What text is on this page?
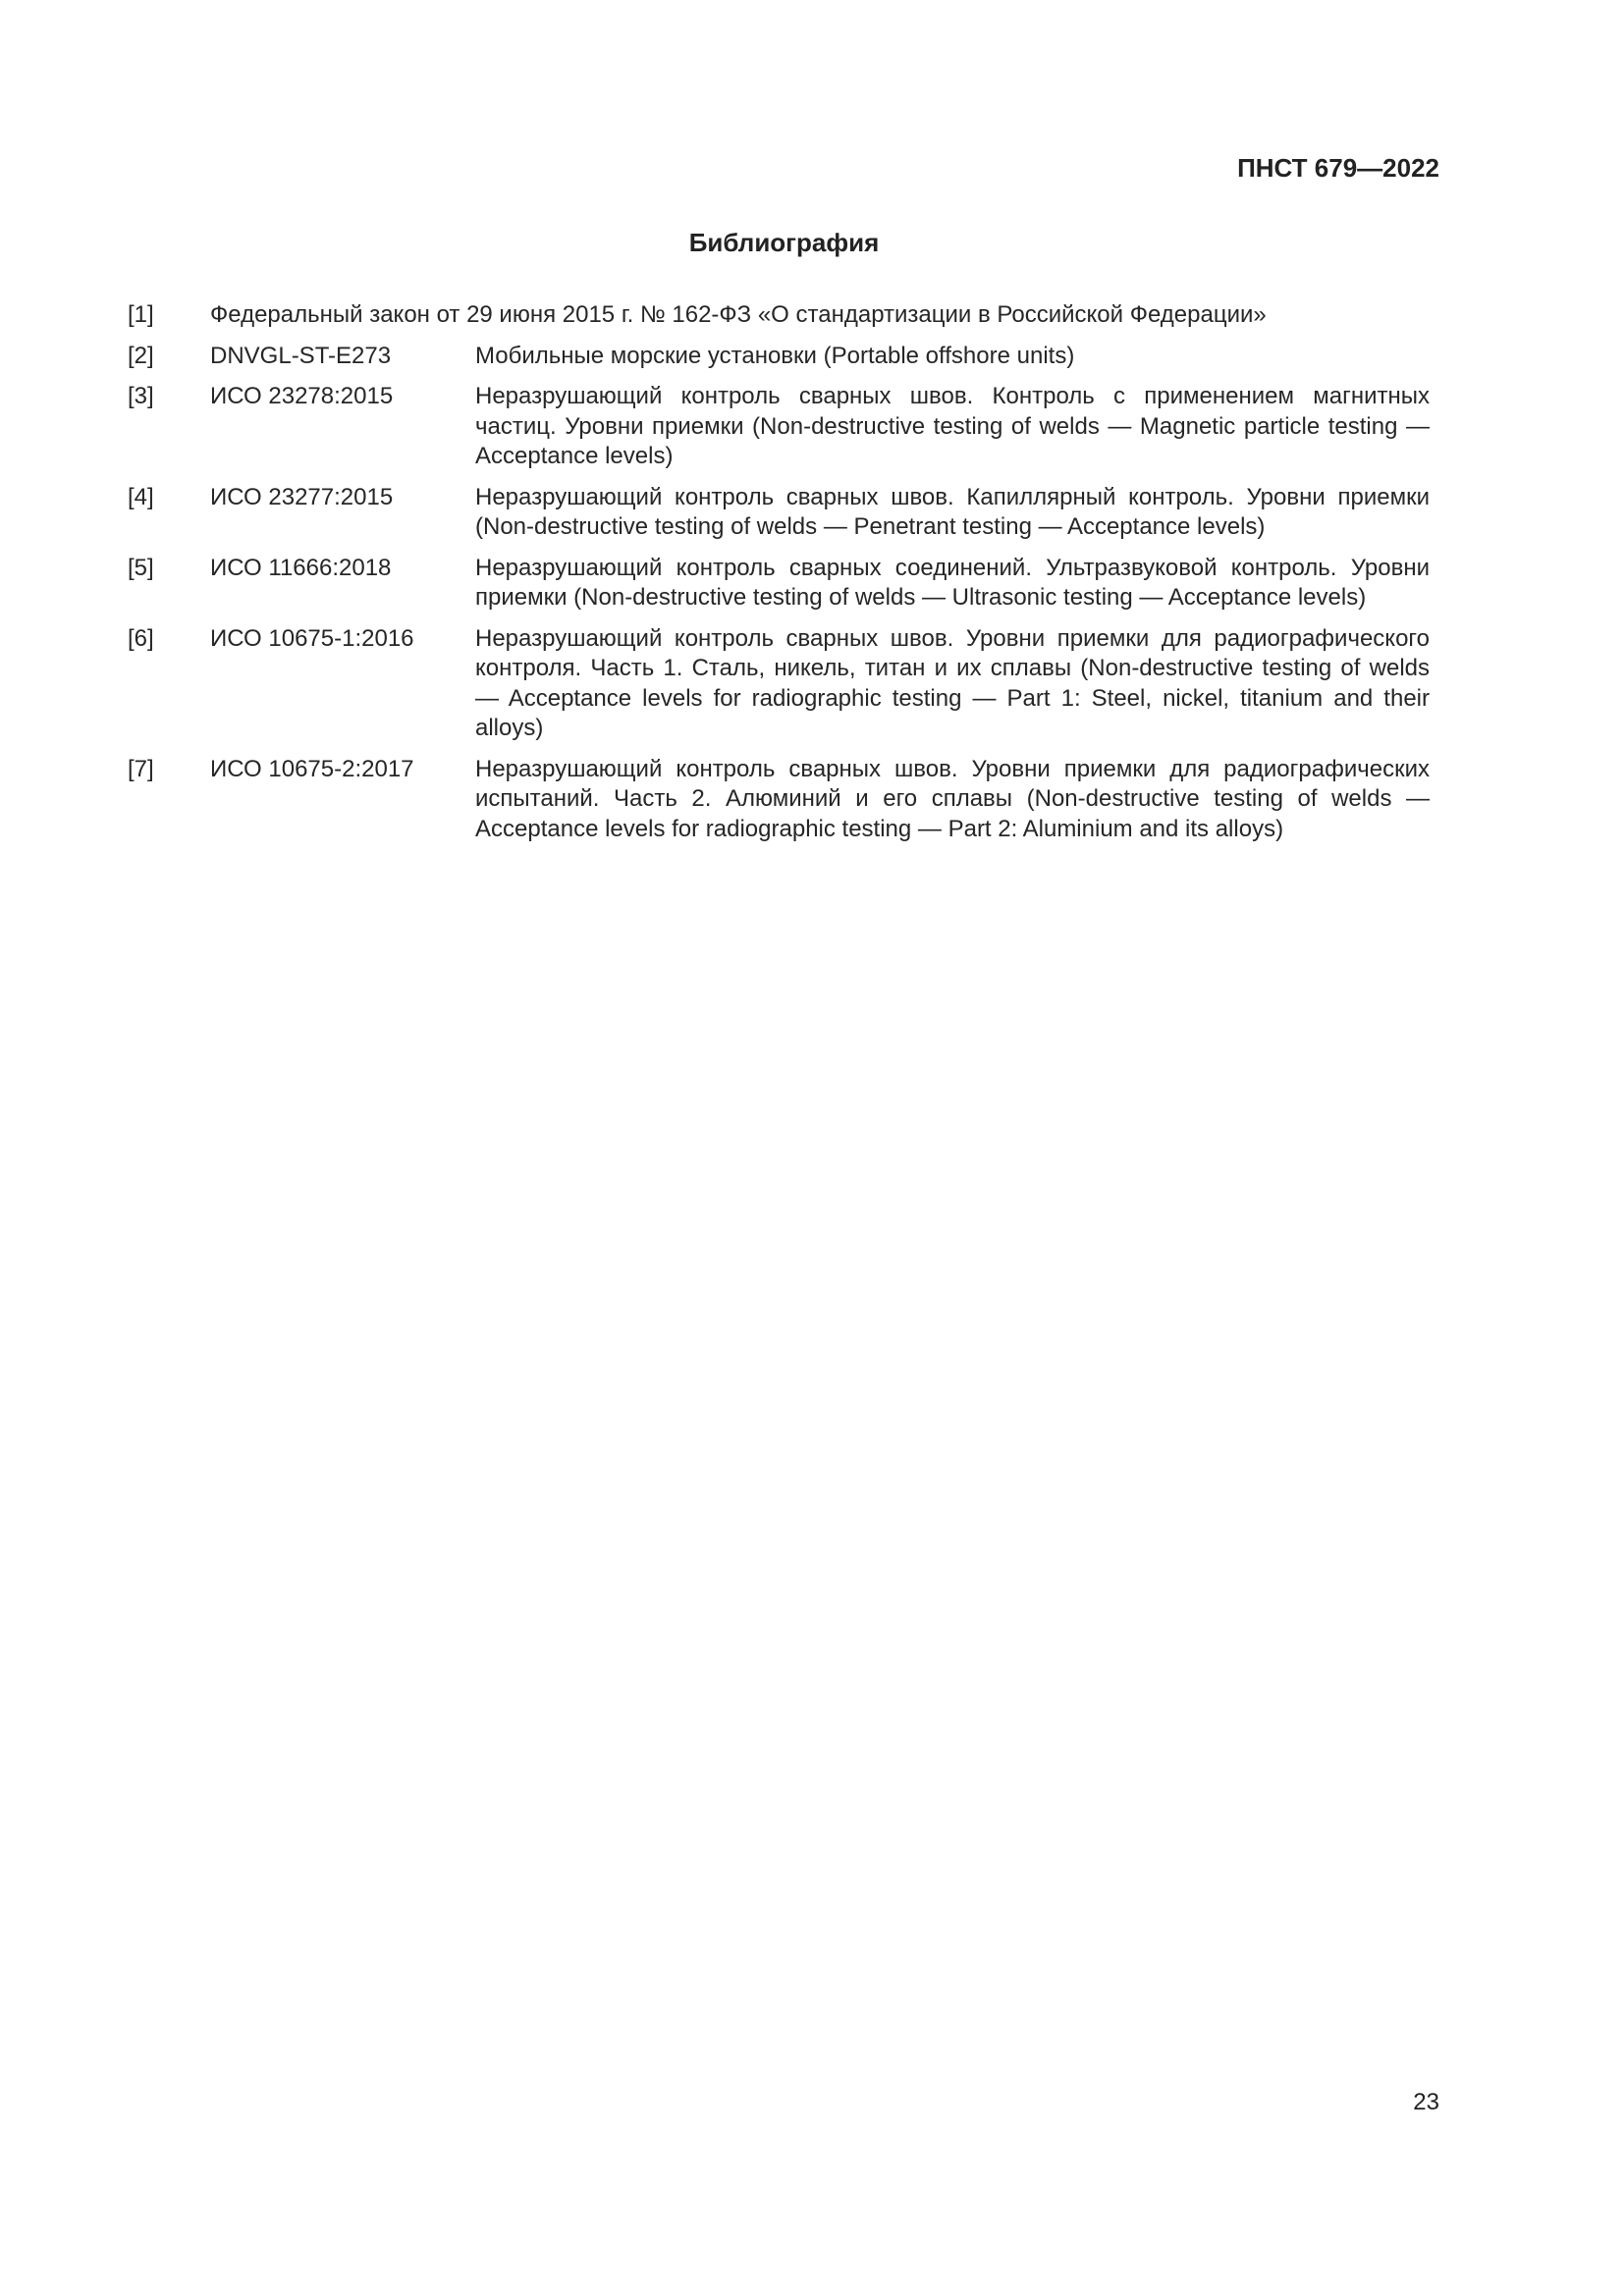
ПНСТ 679—2022
Библиография
[1]	Федеральный закон от 29 июня 2015 г. № 162-ФЗ «О стандартизации в Российской Федерации»
[2]	DNVGL-ST-E273	Мобильные морские установки (Portable offshore units)
[3]	ИСО 23278:2015	Неразрушающий контроль сварных швов. Контроль с применением магнитных частиц. Уровни приемки (Non-destructive testing of welds — Magnetic particle testing — Acceptance levels)
[4]	ИСО 23277:2015	Неразрушающий контроль сварных швов. Капиллярный контроль. Уровни приемки (Non-destructive testing of welds — Penetrant testing — Acceptance levels)
[5]	ИСО 11666:2018	Неразрушающий контроль сварных соединений. Ультразвуковой контроль. Уровни приемки (Non-destructive testing of welds — Ultrasonic testing — Acceptance levels)
[6]	ИСО 10675-1:2016	Неразрушающий контроль сварных швов. Уровни приемки для радиографического контроля. Часть 1. Сталь, никель, титан и их сплавы (Non-destructive testing of welds — Acceptance levels for radiographic testing — Part 1: Steel, nickel, titanium and their alloys)
[7]	ИСО 10675-2:2017	Неразрушающий контроль сварных швов. Уровни приемки для радиографических испытаний. Часть 2. Алюминий и его сплавы (Non-destructive testing of welds — Acceptance levels for radiographic testing — Part 2: Aluminium and its alloys)
23
